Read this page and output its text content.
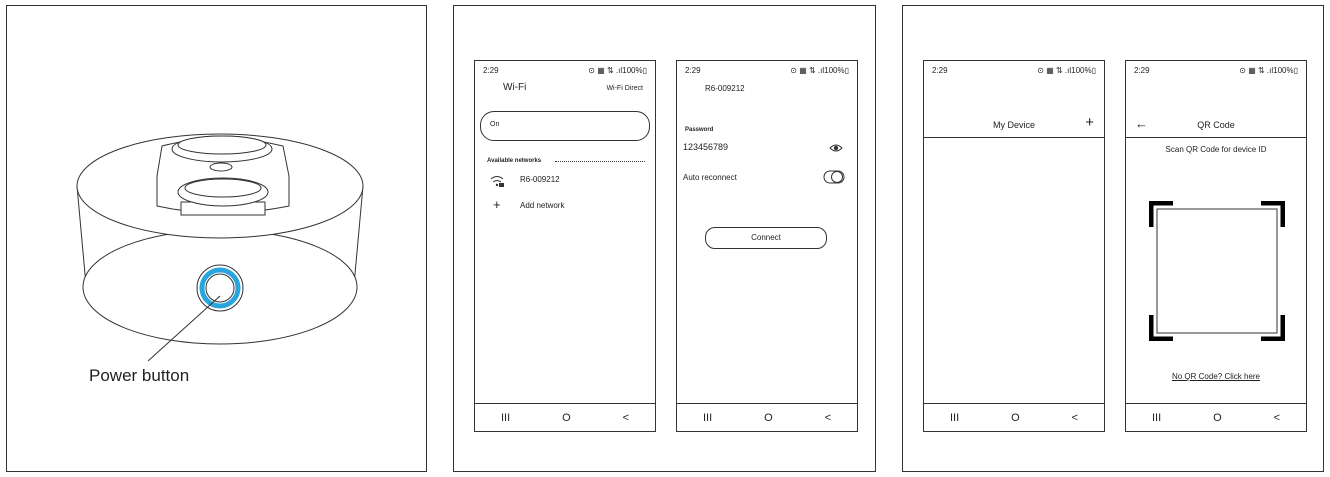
Power button
2:29	⊙ ▦ ⇅ .ıl100%▯
Wi-Fi	Wi-Fi Direct
On
Available networks
R6-009212
+ Add network
III	O	<
2:29	⊙ ▦ ⇅ .ıl100%▯
R6-009212
Password
123456789
Auto reconnect
Connect
III	O	<
2:29	⊙ ▦ ⇅ .ıl100%▯
My Device	+
III	O	<
2:29	⊙ ▦ ⇅ .ıl100%▯
←	QR Code
Scan QR Code for device ID
No QR Code? Click here
III	O	<
